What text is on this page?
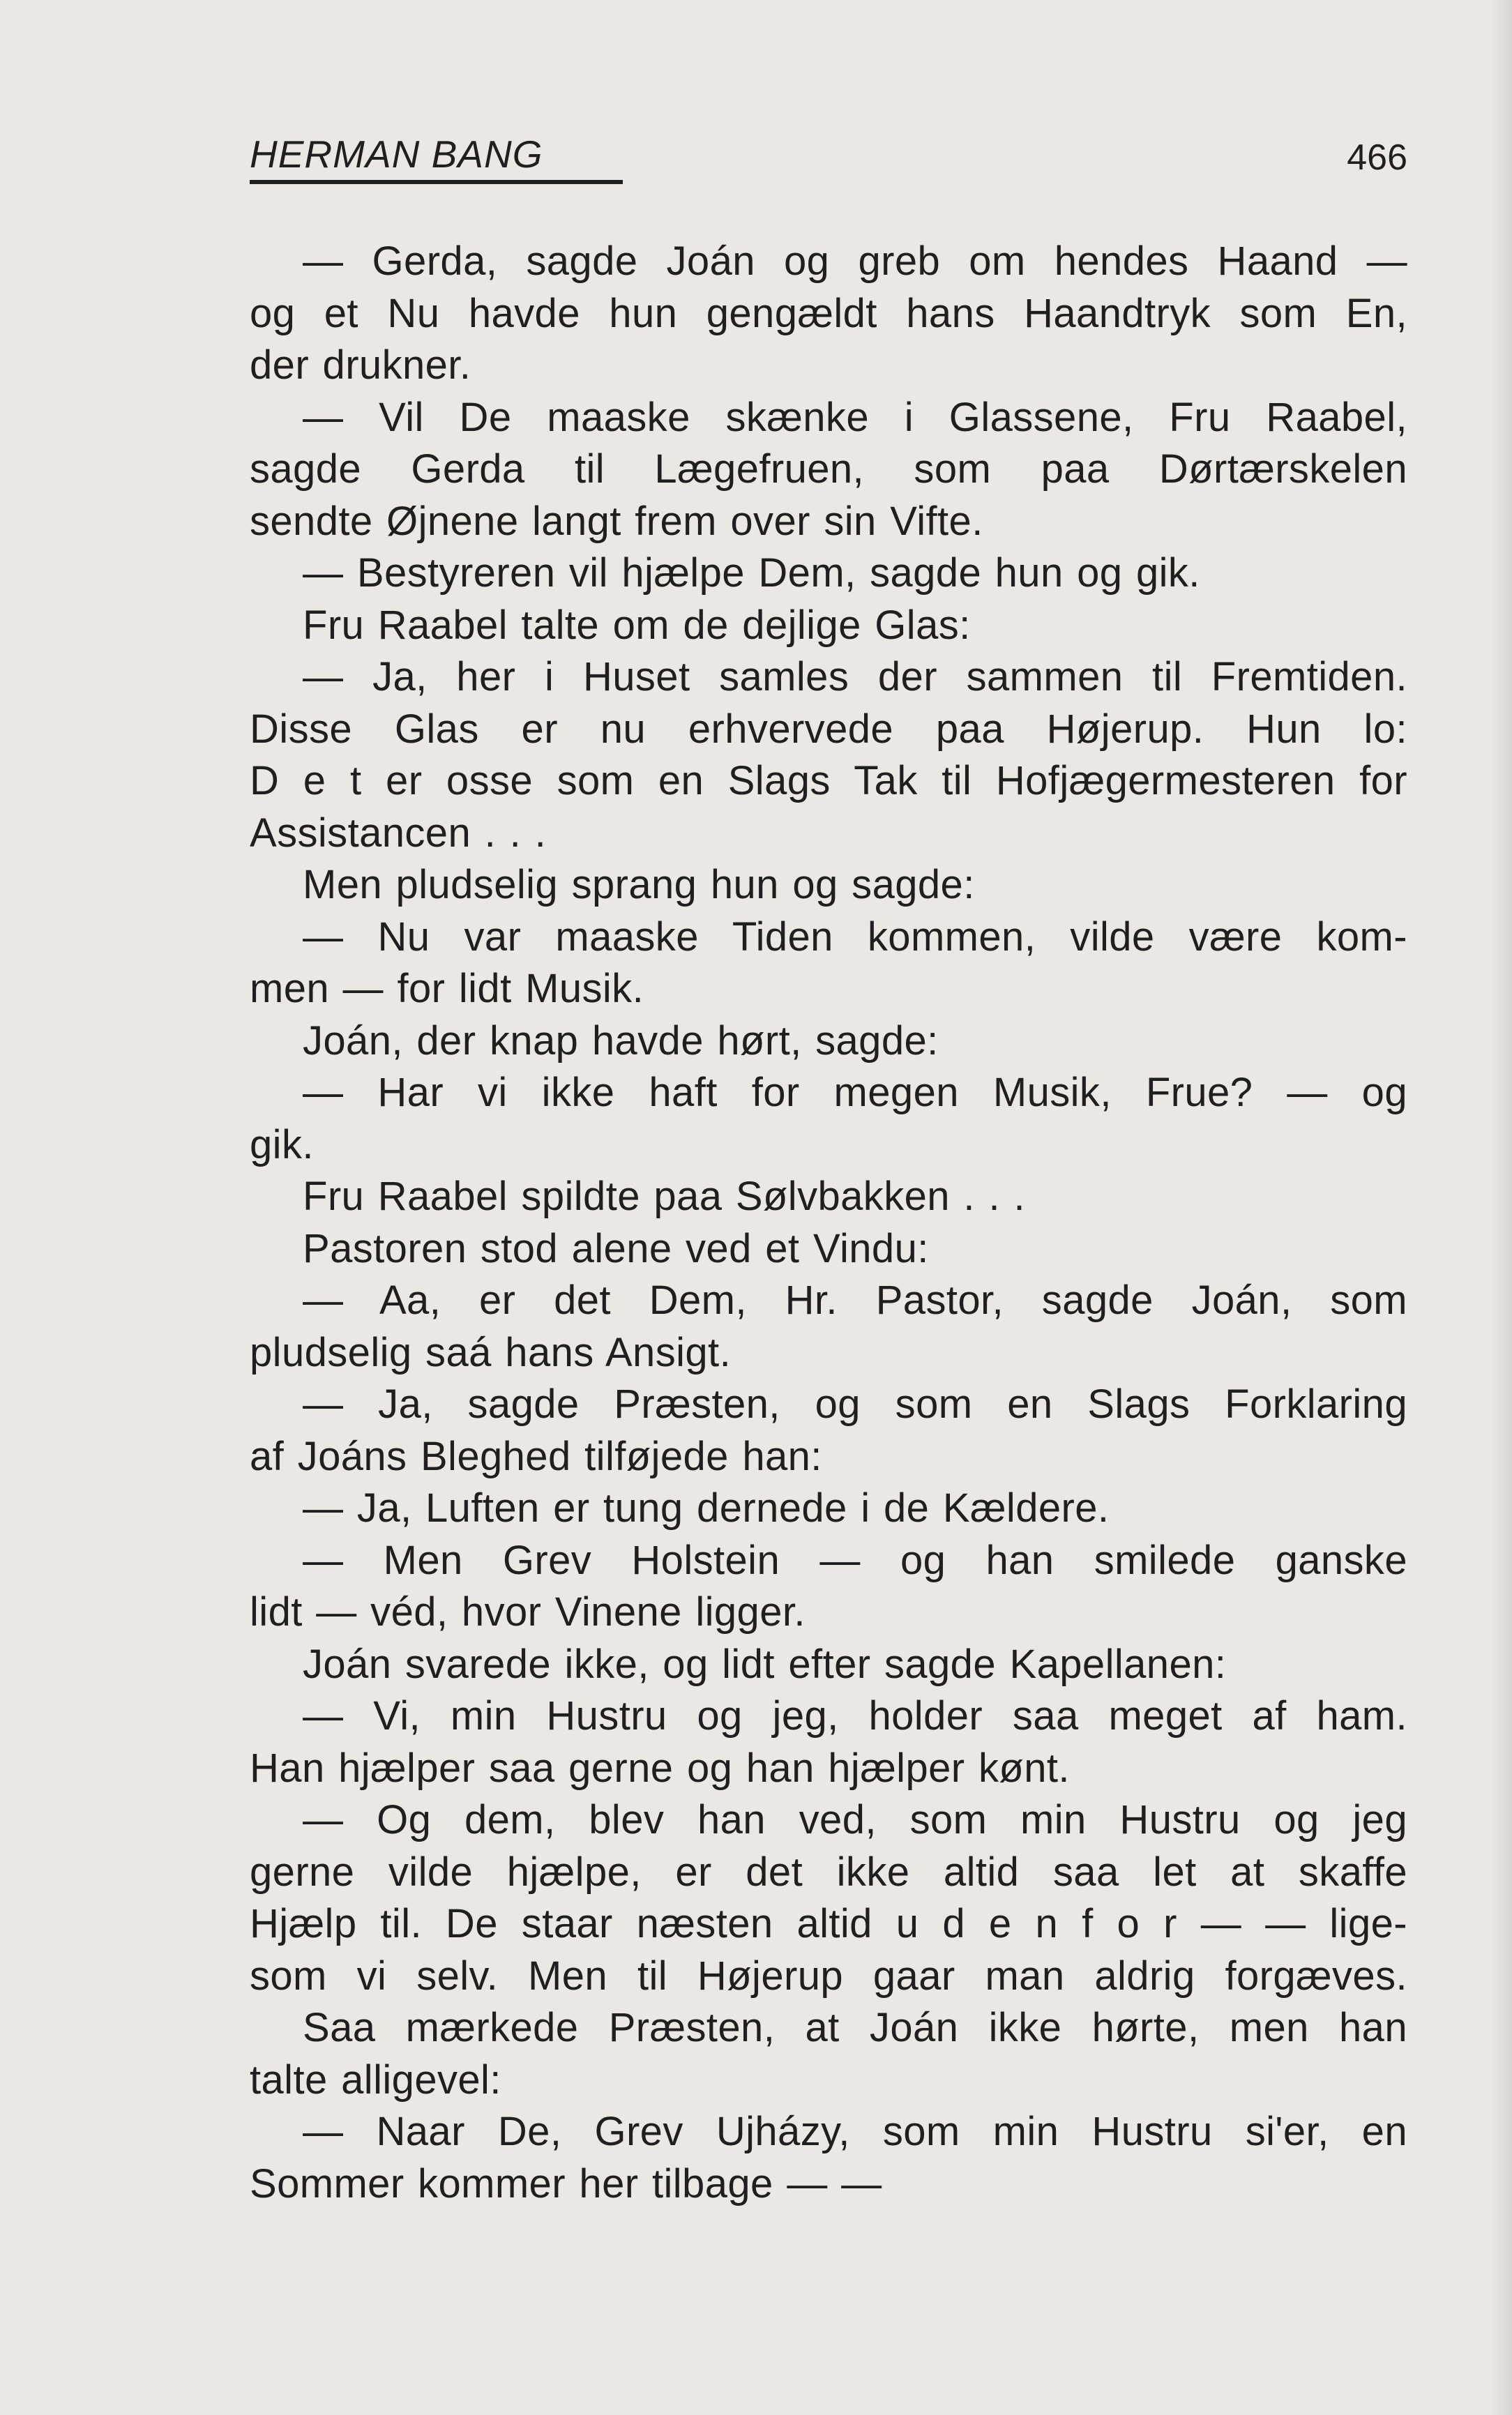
HERMAN BANG	466

— Gerda, sagde Joán og greb om hendes Haand —

og et Nu havde hun gengældt hans Haandtryk som En,

der drukner.

— Vil De maaske skænke i Glassene, Fru Raabel,

sagde Gerda til Lægefruen, som paa Dørtærskelen

sendte Øjnene langt frem over sin Vifte.

— Bestyreren vil hjælpe Dem, sagde hun og gik.

Fru Raabel talte om de dejlige Glas:

— Ja, her i Huset samles der sammen til Fremtiden.

Disse Glas er nu erhvervede paa Højerup. Hun lo:

D e t er osse som en Slags Tak til Hofjægermesteren for

Assistancen . . .

Men pludselig sprang hun og sagde:

— Nu var maaske Tiden kommen, vilde være kom-

men — for lidt Musik.

Joán, der knap havde hørt, sagde:

— Har vi ikke haft for megen Musik, Frue? — og

gik.

Fru Raabel spildte paa Sølvbakken . . .

Pastoren stod alene ved et Vindu:

— Aa, er det Dem, Hr. Pastor, sagde Joán, som

pludselig saá hans Ansigt.

— Ja, sagde Præsten, og som en Slags Forklaring

af Joáns Bleghed tilføjede han:

— Ja, Luften er tung dernede i de Kældere.

— Men Grev Holstein — og han smilede ganske

lidt — véd, hvor Vinene ligger.

Joán svarede ikke, og lidt efter sagde Kapellanen:

— Vi, min Hustru og jeg, holder saa meget af ham.

Han hjælper saa gerne og han hjælper kønt.

— Og dem, blev han ved, som min Hustru og jeg

gerne vilde hjælpe, er det ikke altid saa let at skaffe

Hjælp til. De staar næsten altid u d e n f o r — — lige-

som vi selv. Men til Højerup gaar man aldrig forgæves.

Saa mærkede Præsten, at Joán ikke hørte, men han

talte alligevel:

— Naar De, Grev Ujházy, som min Hustru si'er, en

Sommer kommer her tilbage — —
